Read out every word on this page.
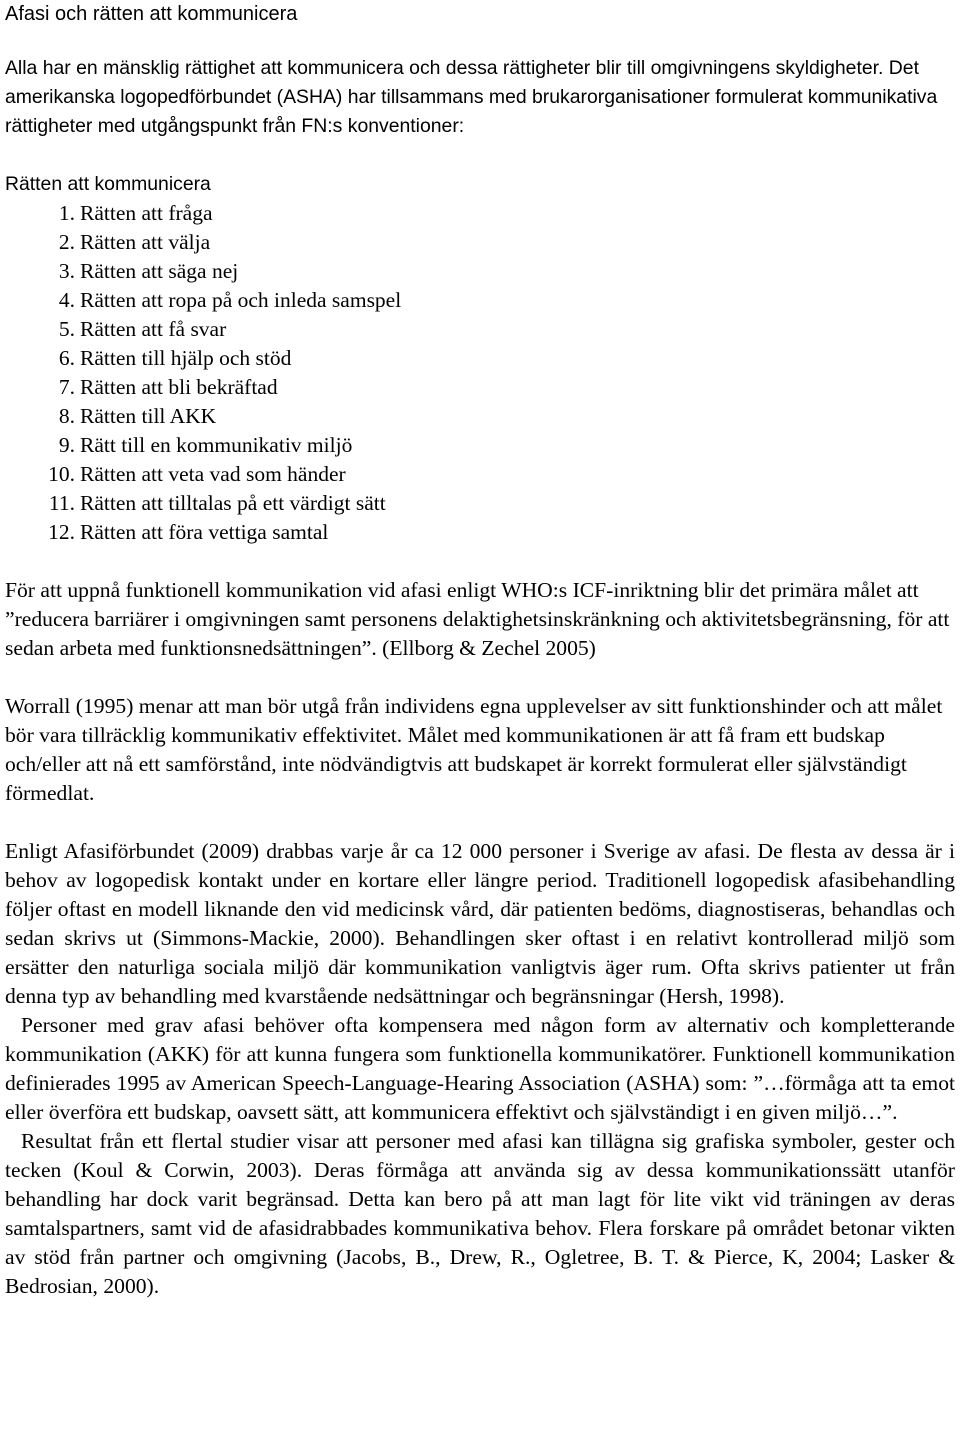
Afasi och rätten att kommunicera

Alla har en mänsklig rättighet att kommunicera och dessa rättigheter blir till omgivningens skyldigheter. Det amerikanska logopedförbundet (ASHA) har tillsammans med brukarorganisationer formulerat kommunikativa rättigheter med utgångspunkt från FN:s konventioner:

Rätten att kommunicera

1. Rätten att fråga
2. Rätten att välja
3. Rätten att säga nej
4. Rätten att ropa på och inleda samspel
5. Rätten att få svar
6. Rätten till hjälp och stöd
7. Rätten att bli bekräftad
8. Rätten till AKK
9. Rätt till en kommunikativ miljö
10. Rätten att veta vad som händer
11. Rätten att tilltalas på ett värdigt sätt
12. Rätten att föra vettiga samtal

För att uppnå funktionell kommunikation vid afasi enligt WHO:s ICF-inriktning blir det primära målet att ”reducera barriärer i omgivningen samt personens delaktighetsinskränkning och aktivitetsbegränsning, för att sedan arbeta med funktionsnedsättningen”. (Ellborg & Zechel 2005)

Worrall (1995) menar att man bör utgå från individens egna upplevelser av sitt funktionshinder och att målet bör vara tillräcklig kommunikativ effektivitet. Målet med kommunikationen är att få fram ett budskap och/eller att nå ett samförstånd, inte nödvändigtvis att budskapet är korrekt formulerat eller självständigt förmedlat.

Enligt Afasiförbundet (2009) drabbas varje år ca 12 000 personer i Sverige av afasi. De flesta av dessa är i behov av logopedisk kontakt under en kortare eller längre period. Traditionell logopedisk afasibehandling följer oftast en modell liknande den vid medicinsk vård, där patienten bedöms, diagnostiseras, behandlas och sedan skrivs ut (Simmons-Mackie, 2000). Behandlingen sker oftast i en relativt kontrollerad miljö som ersätter den naturliga sociala miljö där kommunikation vanligtvis äger rum. Ofta skrivs patienter ut från denna typ av behandling med kvarstående nedsättningar och begränsningar (Hersh, 1998).

Personer med grav afasi behöver ofta kompensera med någon form av alternativ och kompletterande kommunikation (AKK) för att kunna fungera som funktionella kommunikatörer. Funktionell kommunikation definierades 1995 av American Speech-Language-Hearing Association (ASHA) som: ”…förmåga att ta emot eller överföra ett budskap, oavsett sätt, att kommunicera effektivt och självständigt i en given miljö…”.

Resultat från ett flertal studier visar att personer med afasi kan tillägna sig grafiska symboler, gester och tecken (Koul & Corwin, 2003). Deras förmåga att använda sig av dessa kommunikationssätt utanför behandling har dock varit begränsad. Detta kan bero på att man lagt för lite vikt vid träningen av deras samtalspartners, samt vid de afasidrabbades kommunikativa behov. Flera forskare på området betonar vikten av stöd från partner och omgivning (Jacobs, B., Drew, R., Ogletree, B. T. & Pierce, K, 2004; Lasker & Bedrosian, 2000).
